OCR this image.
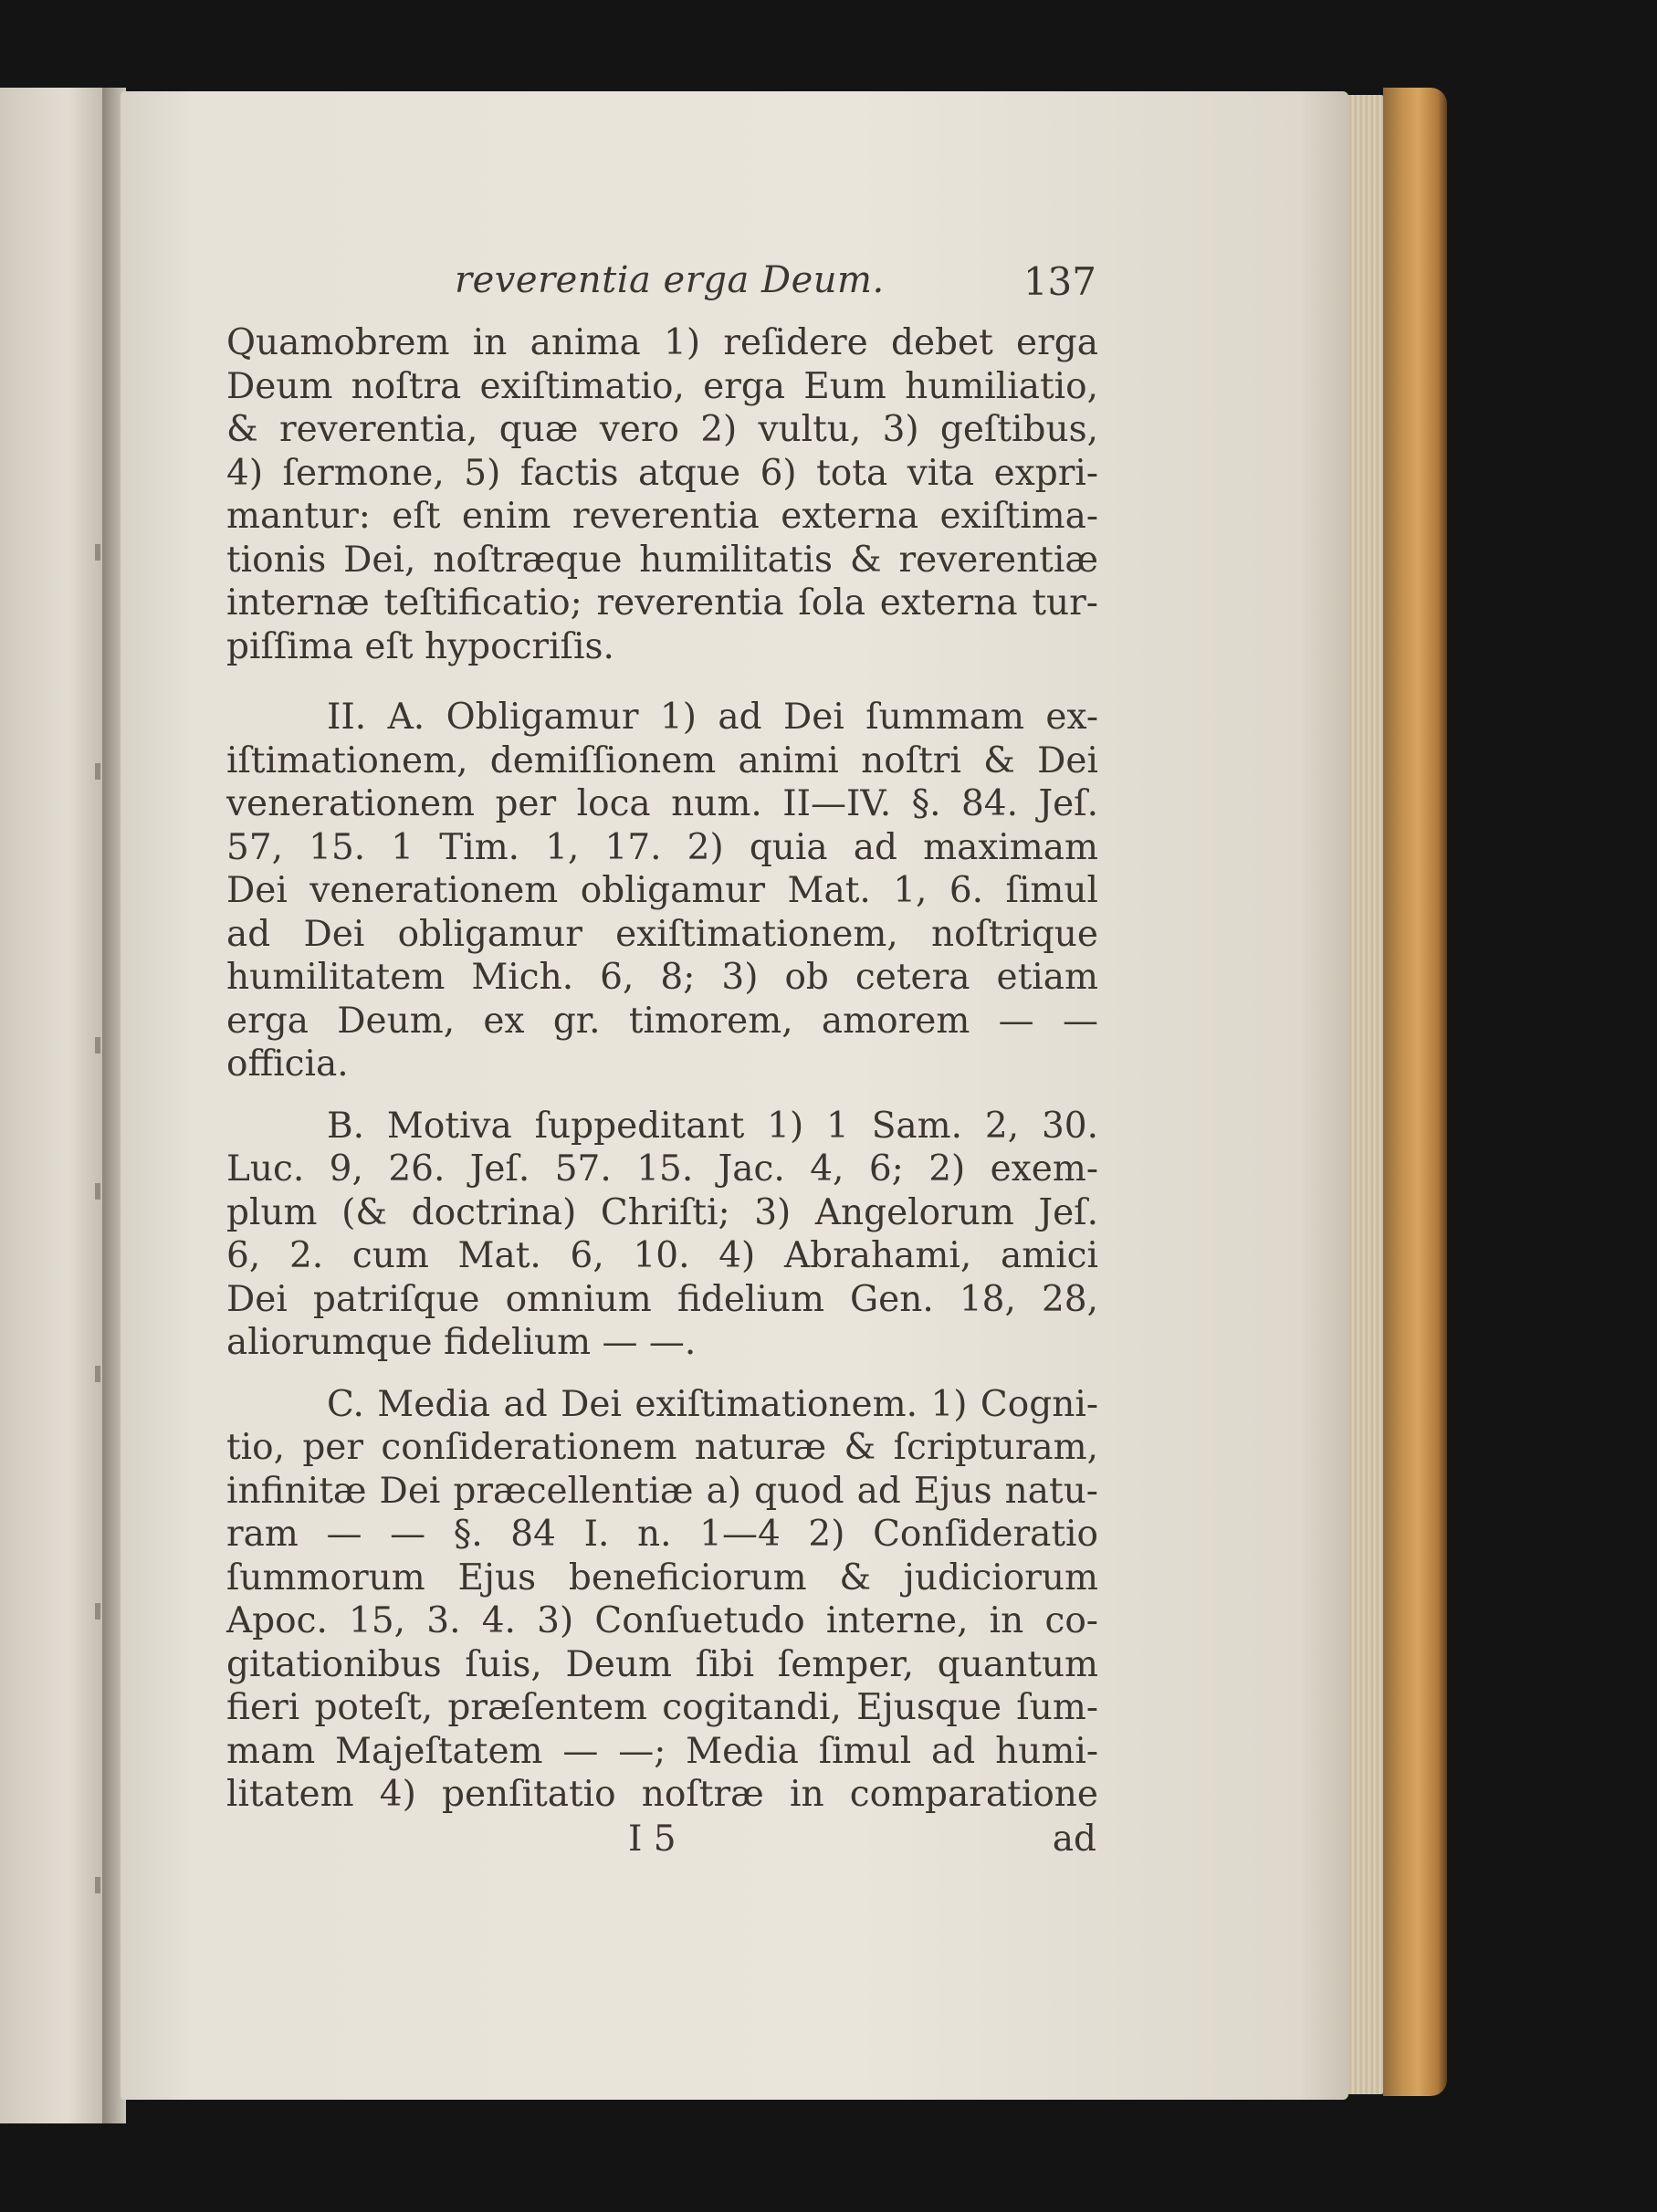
reverentia erga Deum.	137
Quamobrem in anima 1) reſidere debet erga
Deum noſtra exiſtimatio, erga Eum humiliatio,
& reverentia, quæ vero 2) vultu, 3) geſtibus,
4) ſermone, 5) factis atque 6) tota vita expri-
mantur: eſt enim reverentia externa exiſtima-
tionis Dei, noſtræque humilitatis & reverentiæ
internæ teſtificatio; reverentia ſola externa tur-
piſſima eſt hypocriſis.
II. A. Obligamur 1) ad Dei ſummam ex-
iſtimationem, demiſſionem animi noſtri & Dei
venerationem per loca num. II—IV. §. 84. Jeſ.
57, 15. 1 Tim. 1, 17. 2) quia ad maximam
Dei venerationem obligamur Mat. 1, 6. ſimul
ad Dei obligamur exiſtimationem, noſtrique
humilitatem Mich. 6, 8; 3) ob cetera etiam
erga Deum, ex gr. timorem, amorem — —
officia.
B. Motiva ſuppeditant 1) 1 Sam. 2, 30.
Luc. 9, 26. Jeſ. 57. 15. Jac. 4, 6; 2) exem-
plum (& doctrina) Chriſti; 3) Angelorum Jeſ.
6, 2. cum Mat. 6, 10. 4) Abrahami, amici
Dei patriſque omnium fidelium Gen. 18, 28,
aliorumque fidelium — —.
C. Media ad Dei exiſtimationem. 1) Cogni-
tio, per conſiderationem naturæ & ſcripturam,
infinitæ Dei præcellentiæ a) quod ad Ejus natu-
ram — — §. 84 I. n. 1—4 2) Conſideratio
ſummorum Ejus beneficiorum & judiciorum
Apoc. 15, 3. 4. 3) Conſuetudo interne, in co-
gitationibus ſuis, Deum ſibi ſemper, quantum
fieri poteſt, præſentem cogitandi, Ejusque ſum-
mam Majeſtatem — —; Media ſimul ad humi-
litatem 4) penſitatio noſtræ in comparatione
I 5	ad
